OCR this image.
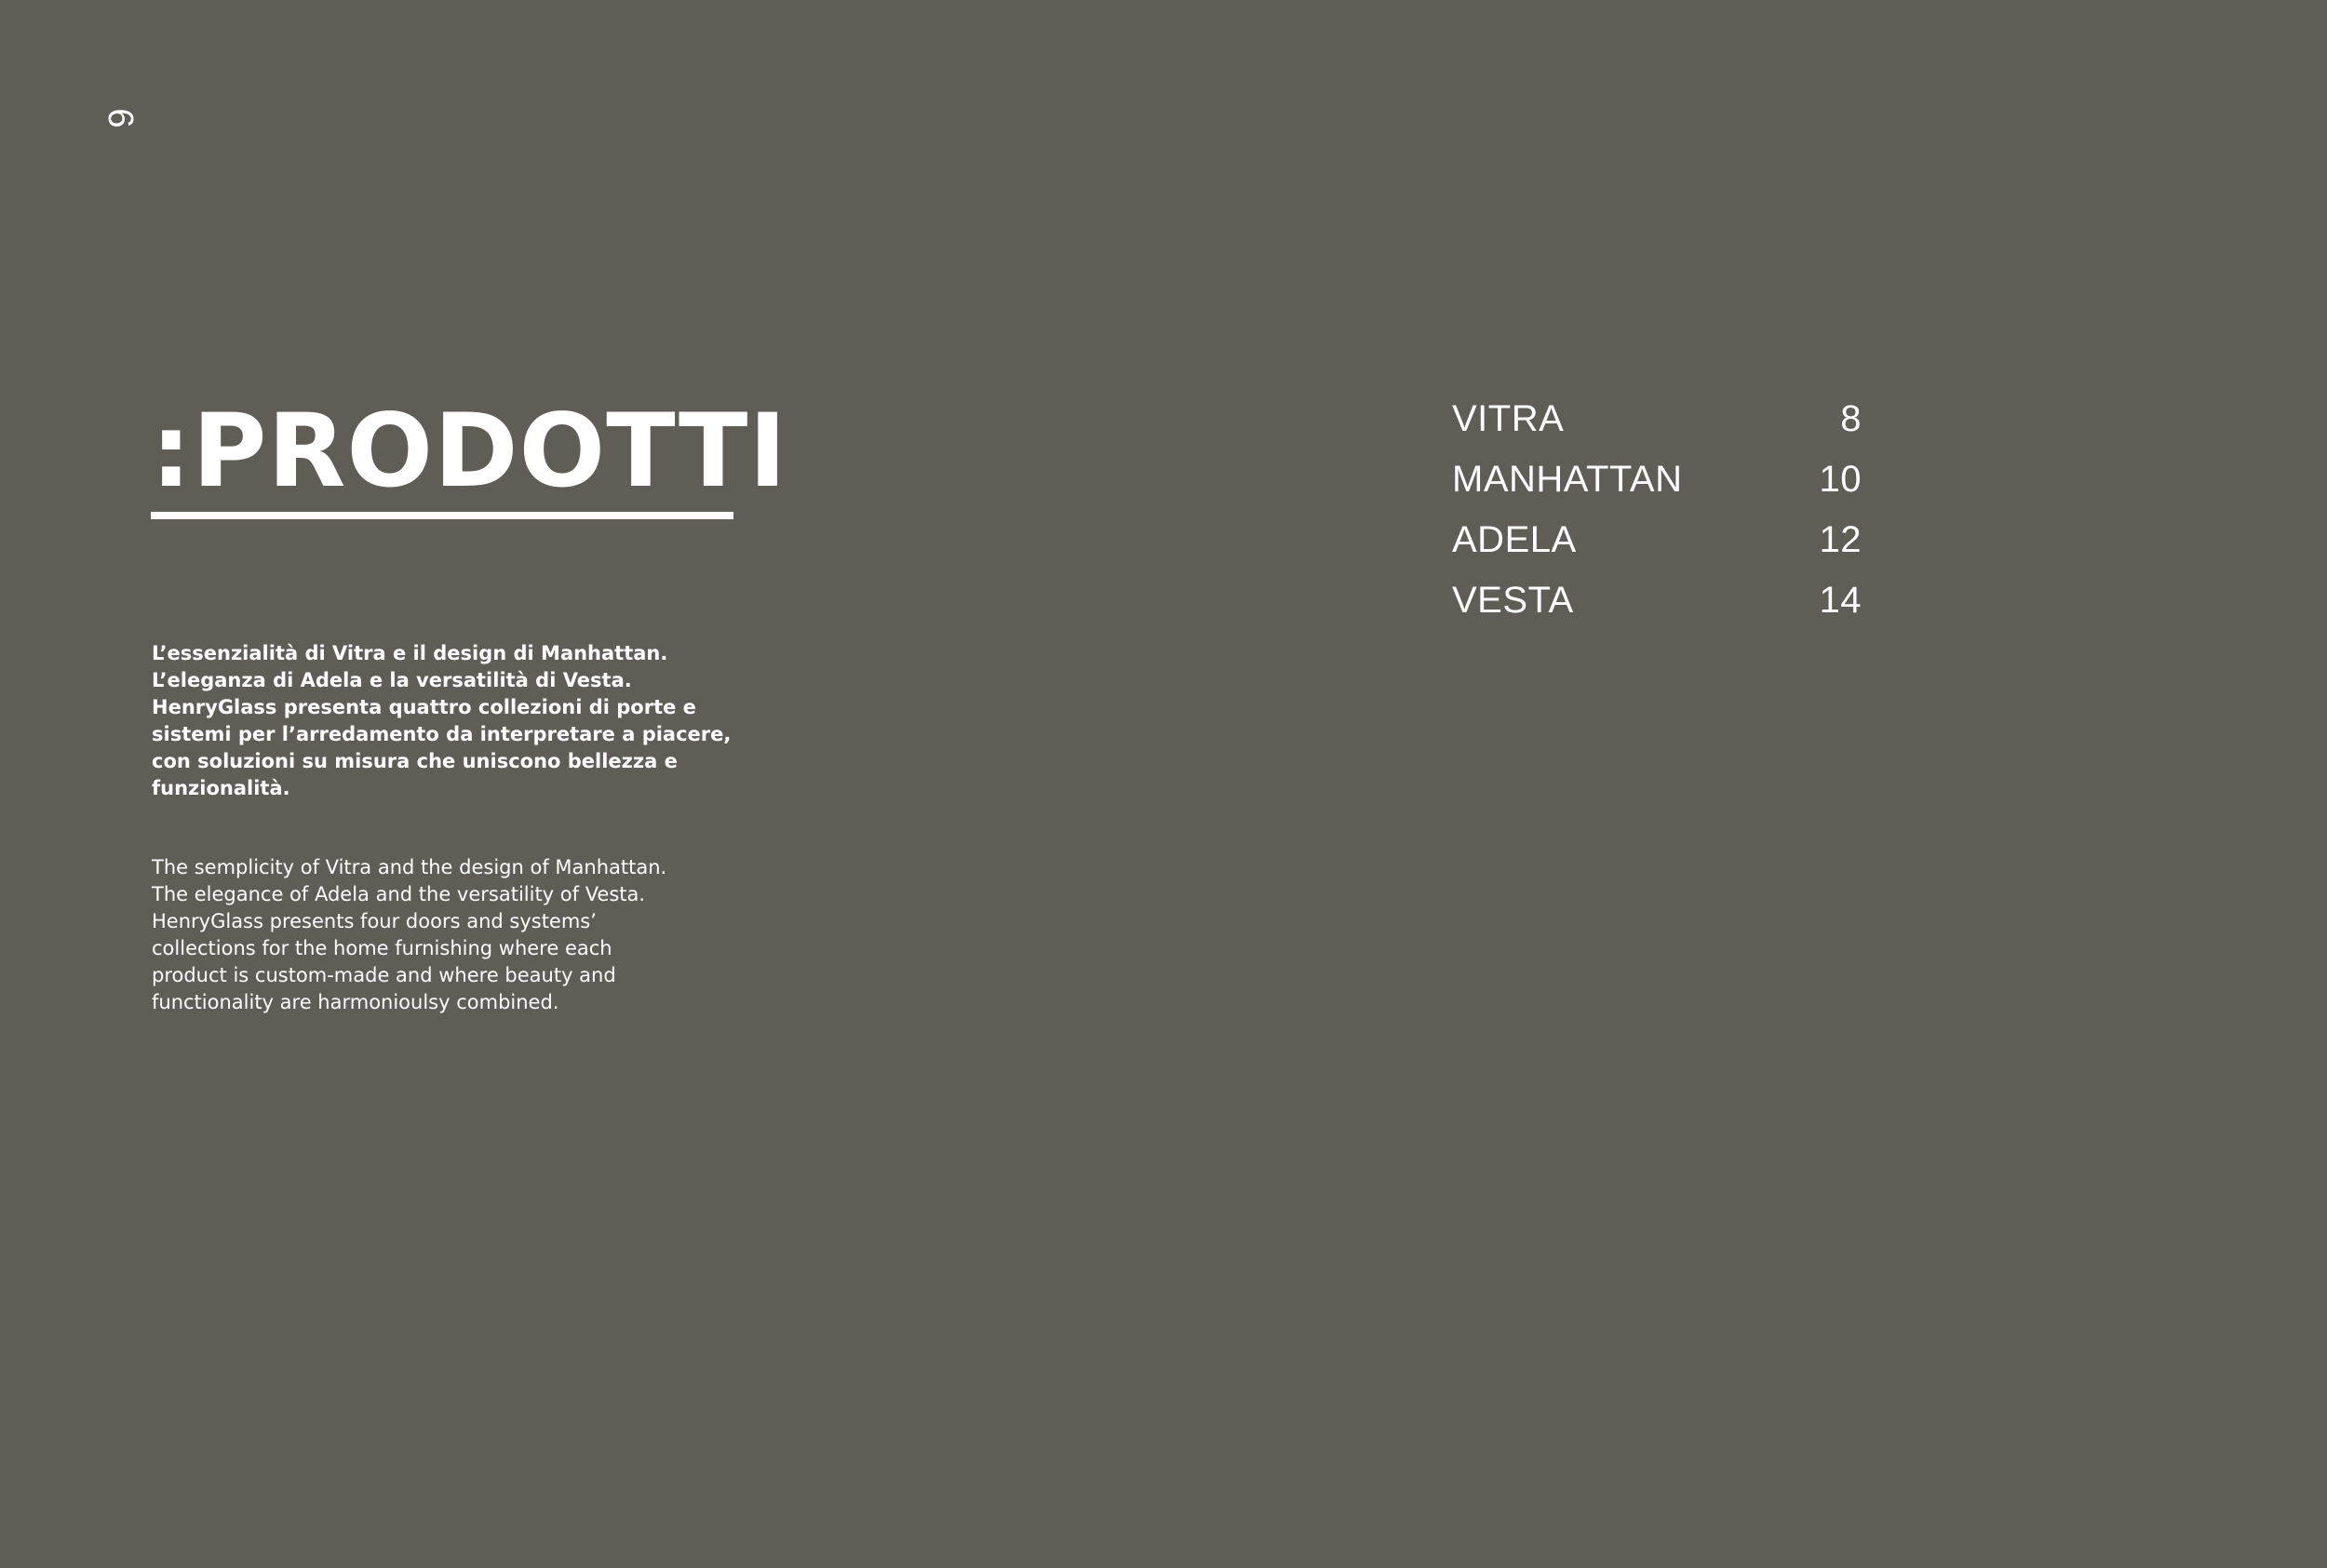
6
:PRODOTTI

L’essenzialità di Vitra e il design di Manhattan.
L’eleganza di Adela e la versatilità di Vesta.
HenryGlass presenta quattro collezioni di porte e
sistemi per l’arredamento da interpretare a piacere,
con soluzioni su misura che uniscono bellezza e
funzionalità.

The semplicity of Vitra and the design of Manhattan.
The elegance of Adela and the versatility of Vesta.
HenryGlass presents four doors and systems’
collections for the home furnishing where each
product is custom-made and where beauty and
functionality are harmonioulsy combined.

VITRA	8
MANHATTAN	10
ADELA	12
VESTA	14
